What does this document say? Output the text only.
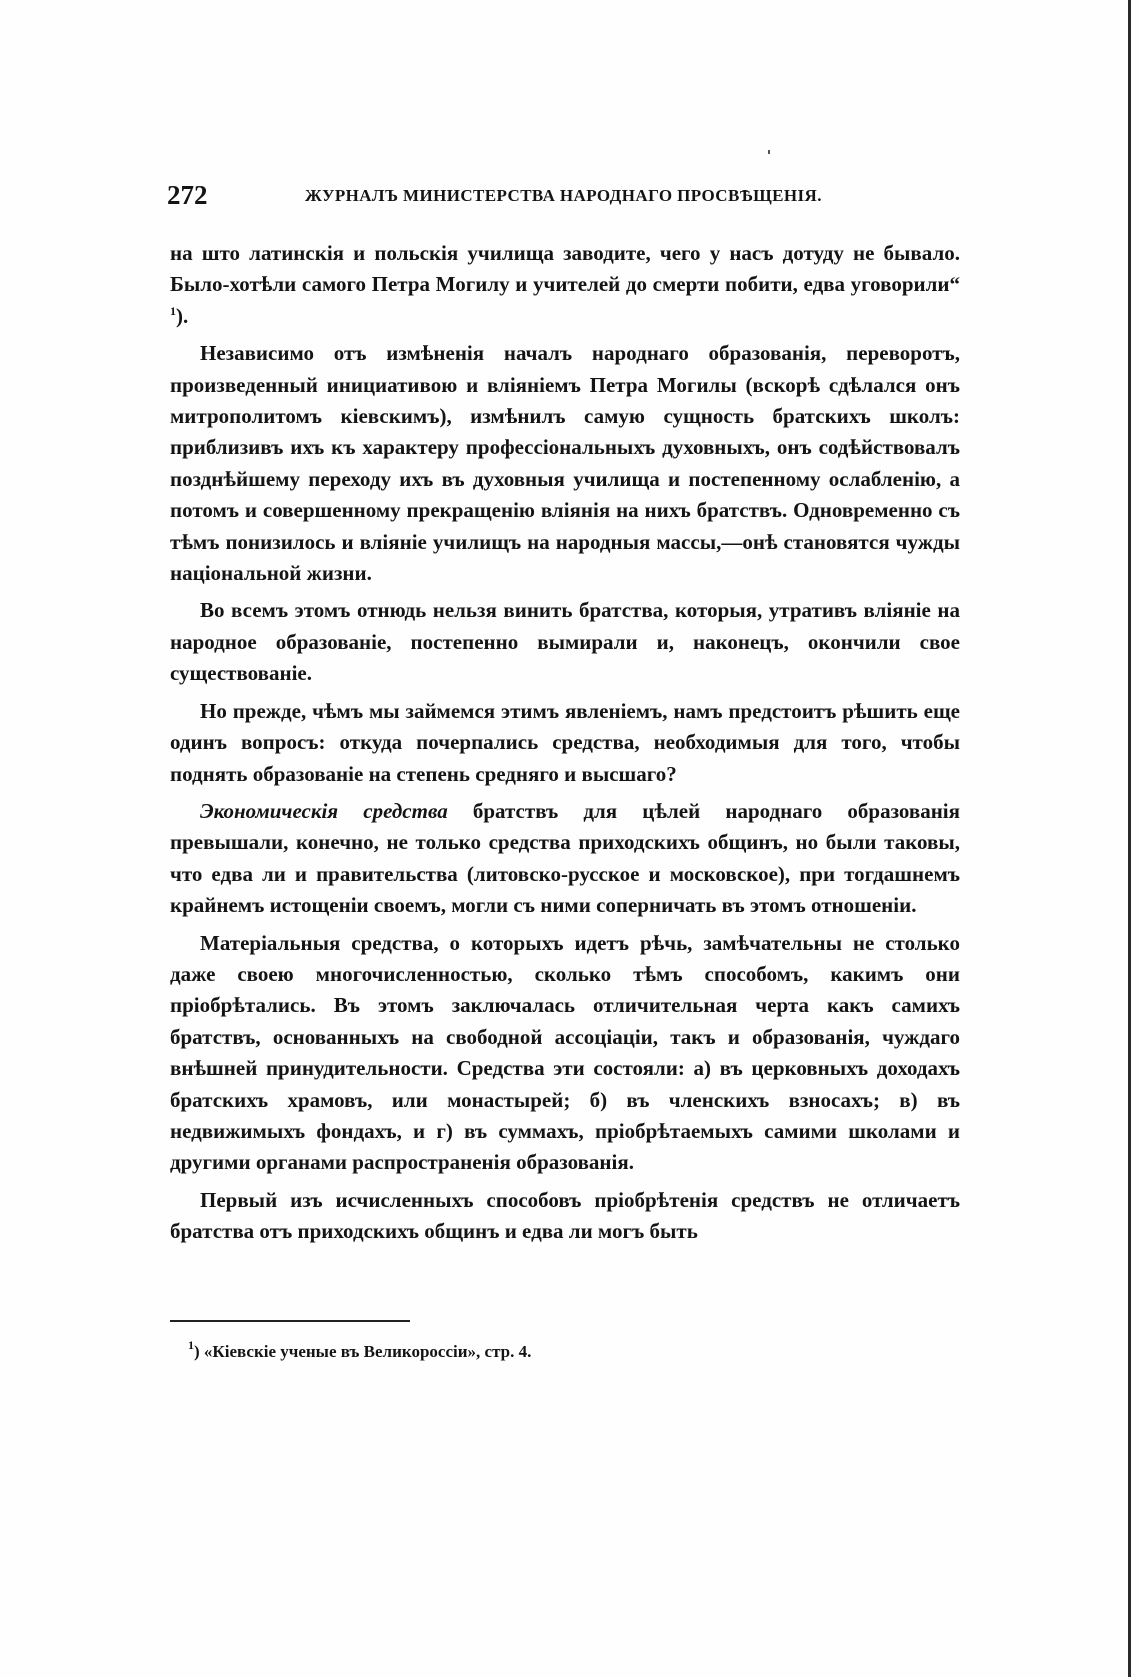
272	ЖУРНАЛЪ МИНИСТЕРСТВА НАРОДНАГО ПРОСВѢЩЕНІЯ.

на што латинскія и польскія училища заводите, чего у насъ дотуду не бывало. Было-хотѣли самого Петра Могилу и учителей до смерти побити, едва уговорили“ $^1$).

Независимо отъ измѣненія началъ народнаго образованія, переворотъ, произведенный инициативою и вліяніемъ Петра Могилы (вскорѣ сдѣлался онъ митрополитомъ кіевскимъ), измѣнилъ самую сущность братскихъ школъ: приблизивъ ихъ къ характеру профессіональныхъ духовныхъ, онъ содѣйствовалъ позднѣйшему переходу ихъ въ духовныя училища и постепенному ослабленію, а потомъ и совершенному прекращенію вліянія на нихъ братствъ. Одновременно съ тѣмъ понизилось и вліяніе училищъ на народныя массы,—онѣ становятся чужды національной жизни.

Во всемъ этомъ отнюдь нельзя винить братства, которыя, утративъ вліяніе на народное образованіе, постепенно вымирали и, наконецъ, окончили свое существованіе.

Но прежде, чѣмъ мы займемся этимъ явленіемъ, намъ предстоитъ рѣшить еще одинъ вопросъ: откуда почерпались средства, необходимыя для того, чтобы поднять образованіе на степень средняго и высшаго?

Экономическія средства братствъ для цѣлей народнаго образованія превышали, конечно, не только средства приходскихъ общинъ, но были таковы, что едва ли и правительства (литовско-русское и московское), при тогдашнемъ крайнемъ истощеніи своемъ, могли съ ними соперничать въ этомъ отношеніи.

Матеріальныя средства, о которыхъ идетъ рѣчь, замѣчательны не столько даже своею многочисленностью, сколько тѣмъ способомъ, какимъ они пріобрѣтались. Въ этомъ заключалась отличительная черта какъ самихъ братствъ, основанныхъ на свободной ассоціаціи, такъ и образованія, чуждаго внѣшней принудительности. Средства эти состояли: а) въ церковныхъ доходахъ братскихъ храмовъ, или монастырей; б) въ членскихъ взносахъ; в) въ недвижимыхъ фондахъ, и г) въ суммахъ, пріобрѣтаемыхъ самими школами и другими органами распространенія образованія.

Первый изъ исчисленныхъ способовъ пріобрѣтенія средствъ не отличаетъ братства отъ приходскихъ общинъ и едва ли могъ быть

$^1$) «Кіевскіе ученые въ Великороссіи», стр. 4.
